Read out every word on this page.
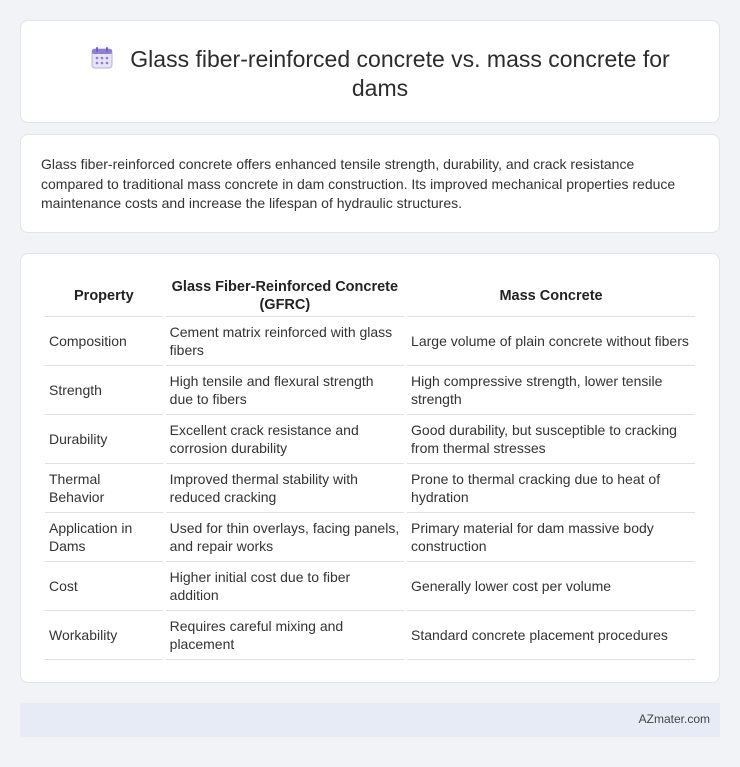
Glass fiber-reinforced concrete vs. mass concrete for dams

Glass fiber-reinforced concrete offers enhanced tensile strength, durability, and crack resistance compared to traditional mass concrete in dam construction. Its improved mechanical properties reduce maintenance costs and increase the lifespan of hydraulic structures.

Property	Glass Fiber-Reinforced Concrete (GFRC)	Mass Concrete
Composition	Cement matrix reinforced with glass fibers	Large volume of plain concrete without fibers
Strength	High tensile and flexural strength due to fibers	High compressive strength, lower tensile strength
Durability	Excellent crack resistance and corrosion durability	Good durability, but susceptible to cracking from thermal stresses
Thermal Behavior	Improved thermal stability with reduced cracking	Prone to thermal cracking due to heat of hydration
Application in Dams	Used for thin overlays, facing panels, and repair works	Primary material for dam massive body construction
Cost	Higher initial cost due to fiber addition	Generally lower cost per volume
Workability	Requires careful mixing and placement	Standard concrete placement procedures
AZmater.com
